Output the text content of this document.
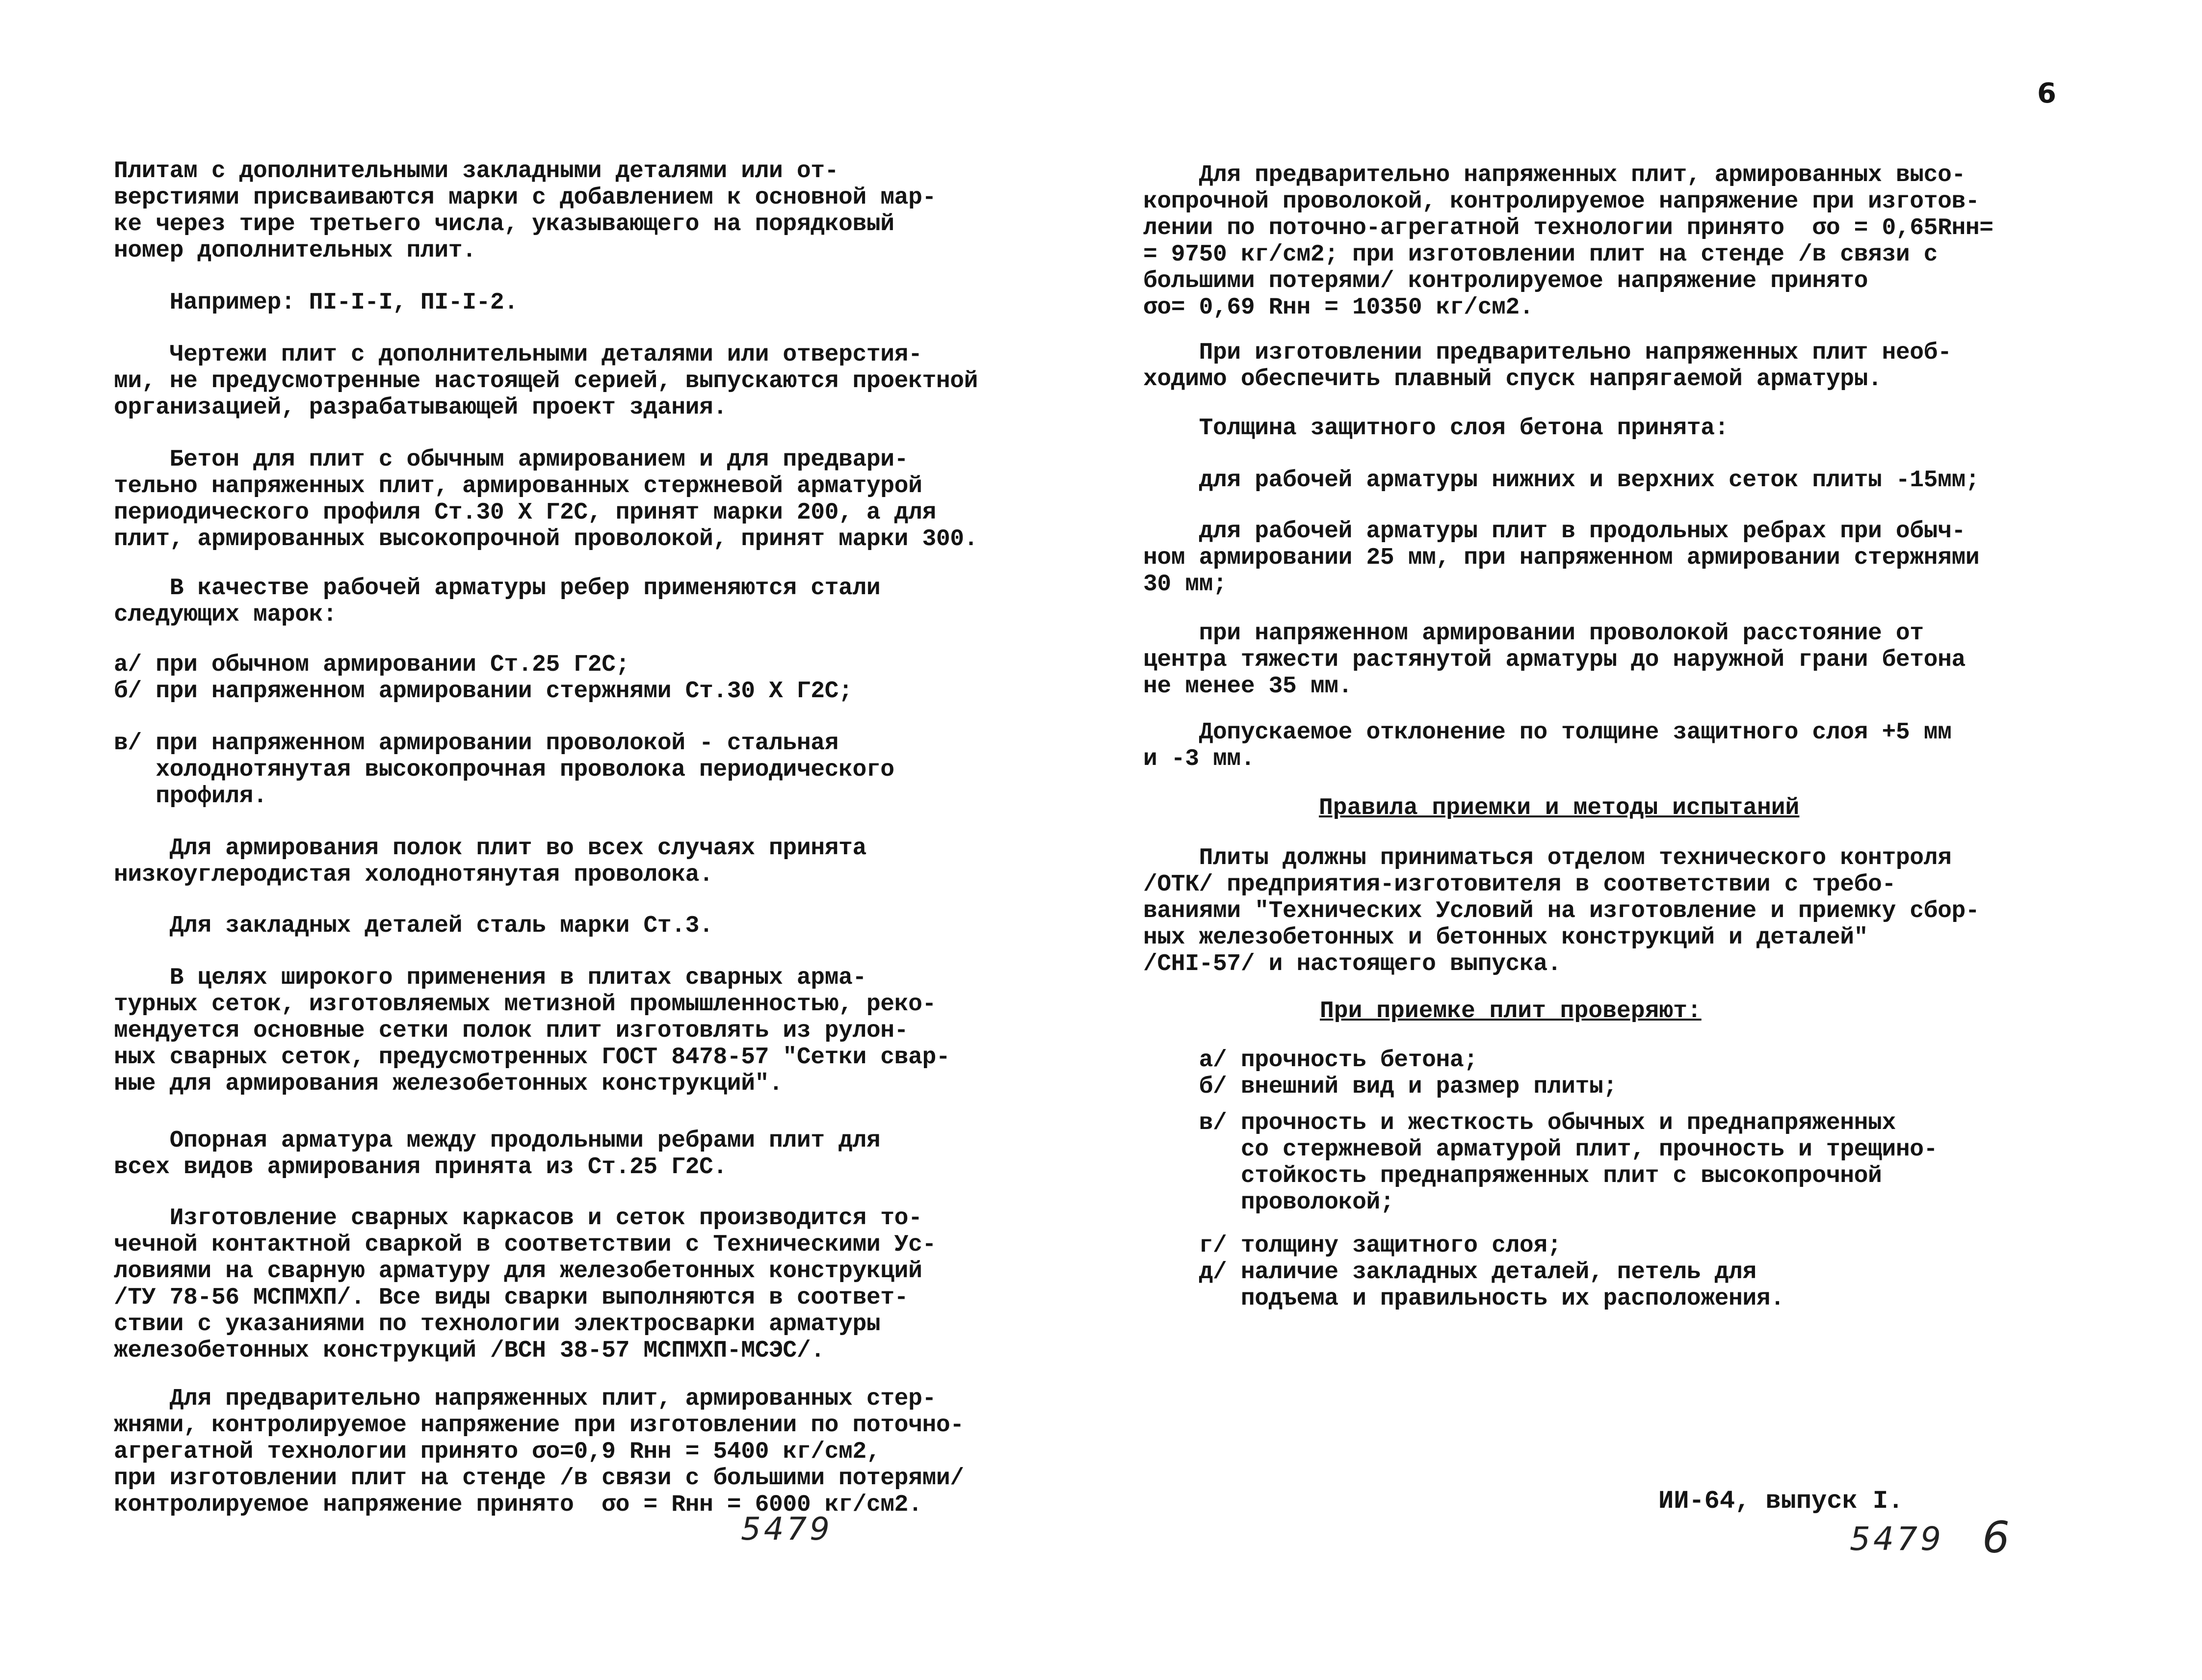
6
Плитам с дополнительными закладными деталями или от-
верстиями присваиваются марки с добавлением к основной мар-
ке через тире третьего числа, указывающего на порядковый
номер дополнительных плит.
Например: ПI-I-I, ПI-I-2.
Чертежи плит с дополнительными деталями или отверстия-
ми, не предусмотренные настоящей серией, выпускаются проектной
организацией, разрабатывающей проект здания.
Бетон для плит с обычным армированием и для предвари-
тельно напряженных плит, армированных стержневой арматурой
периодического профиля Ст.30 Х Г2С, принят марки 200, а для
плит, армированных высокопрочной проволокой, принят марки 300.
В качестве рабочей арматуры ребер применяются стали
следующих марок:
а/ при обычном армировании Ст.25 Г2С;
б/ при напряженном армировании стержнями Ст.30 Х Г2С;
в/ при напряженном армировании проволокой - стальная
холоднотянутая высокопрочная проволока периодического
профиля.
Для армирования полок плит во всех случаях принята
низкоуглеродистая холоднотянутая проволока.
Для закладных деталей сталь марки Ст.3.
В целях широкого применения в плитах сварных арма-
турных сеток, изготовляемых метизной промышленностью, реко-
мендуется основные сетки полок плит изготовлять из рулон-
ных сварных сеток, предусмотренных ГОСТ 8478-57 "Сетки свар-
ные для армирования железобетонных конструкций".
Опорная арматура между продольными ребрами плит для
всех видов армирования принята из Ст.25 Г2С.
Изготовление сварных каркасов и сеток производится то-
чечной контактной сваркой в соответствии с Техническими Ус-
ловиями на сварную арматуру для железобетонных конструкций
/ТУ 78-56 МСПМХП/. Все виды сварки выполняются в соответ-
ствии с указаниями по технологии электросварки арматуры
железобетонных конструкций /ВСН 38-57 МСПМХП-МСЭС/.
Для предварительно напряженных плит, армированных стер-
жнями, контролируемое напряжение при изготовлении по поточно-
агрегатной технологии принято σо=0,9 Rнн = 5400 кг/см2,
при изготовлении плит на стенде /в связи с большими потерями/
контролируемое напряжение принято  σо = Rнн = 6000 кг/см2.
Для предварительно напряженных плит, армированных высо-
копрочной проволокой, контролируемое напряжение при изготов-
лении по поточно-агрегатной технологии принято  σо = 0,65Rнн=
= 9750 кг/см2; при изготовлении плит на стенде /в связи с
большими потерями/ контролируемое напряжение принято
σо= 0,69 Rнн = 10350 кг/см2.
При изготовлении предварительно напряженных плит необ-
ходимо обеспечить плавный спуск напрягаемой арматуры.
Толщина защитного слоя бетона принята:
для рабочей арматуры нижних и верхних сеток плиты -15мм;
для рабочей арматуры плит в продольных ребрах при обыч-
ном армировании 25 мм, при напряженном армировании стержнями
30 мм;
при напряженном армировании проволокой расстояние от
центра тяжести растянутой арматуры до наружной грани бетона
не менее 35 мм.
Допускаемое отклонение по толщине защитного слоя +5 мм
и -3 мм.
Правила приемки и методы испытаний
Плиты должны приниматься отделом технического контроля
/ОТК/ предприятия-изготовителя в соответствии с требо-
ваниями "Технических Условий на изготовление и приемку сбор-
ных железобетонных и бетонных конструкций и деталей"
/СНI-57/ и настоящего выпуска.
При приемке плит проверяют:
а/ прочность бетона;
б/ внешний вид и размер плиты;
в/ прочность и жесткость обычных и преднапряженных
со стержневой арматурой плит, прочность и трещино-
стойкость преднапряженных плит с высокопрочной
проволокой;
г/ толщину защитного слоя;
д/ наличие закладных деталей, петель для
подъема и правильность их расположения.
ИИ-64, выпуск I.
5479	5479 6
